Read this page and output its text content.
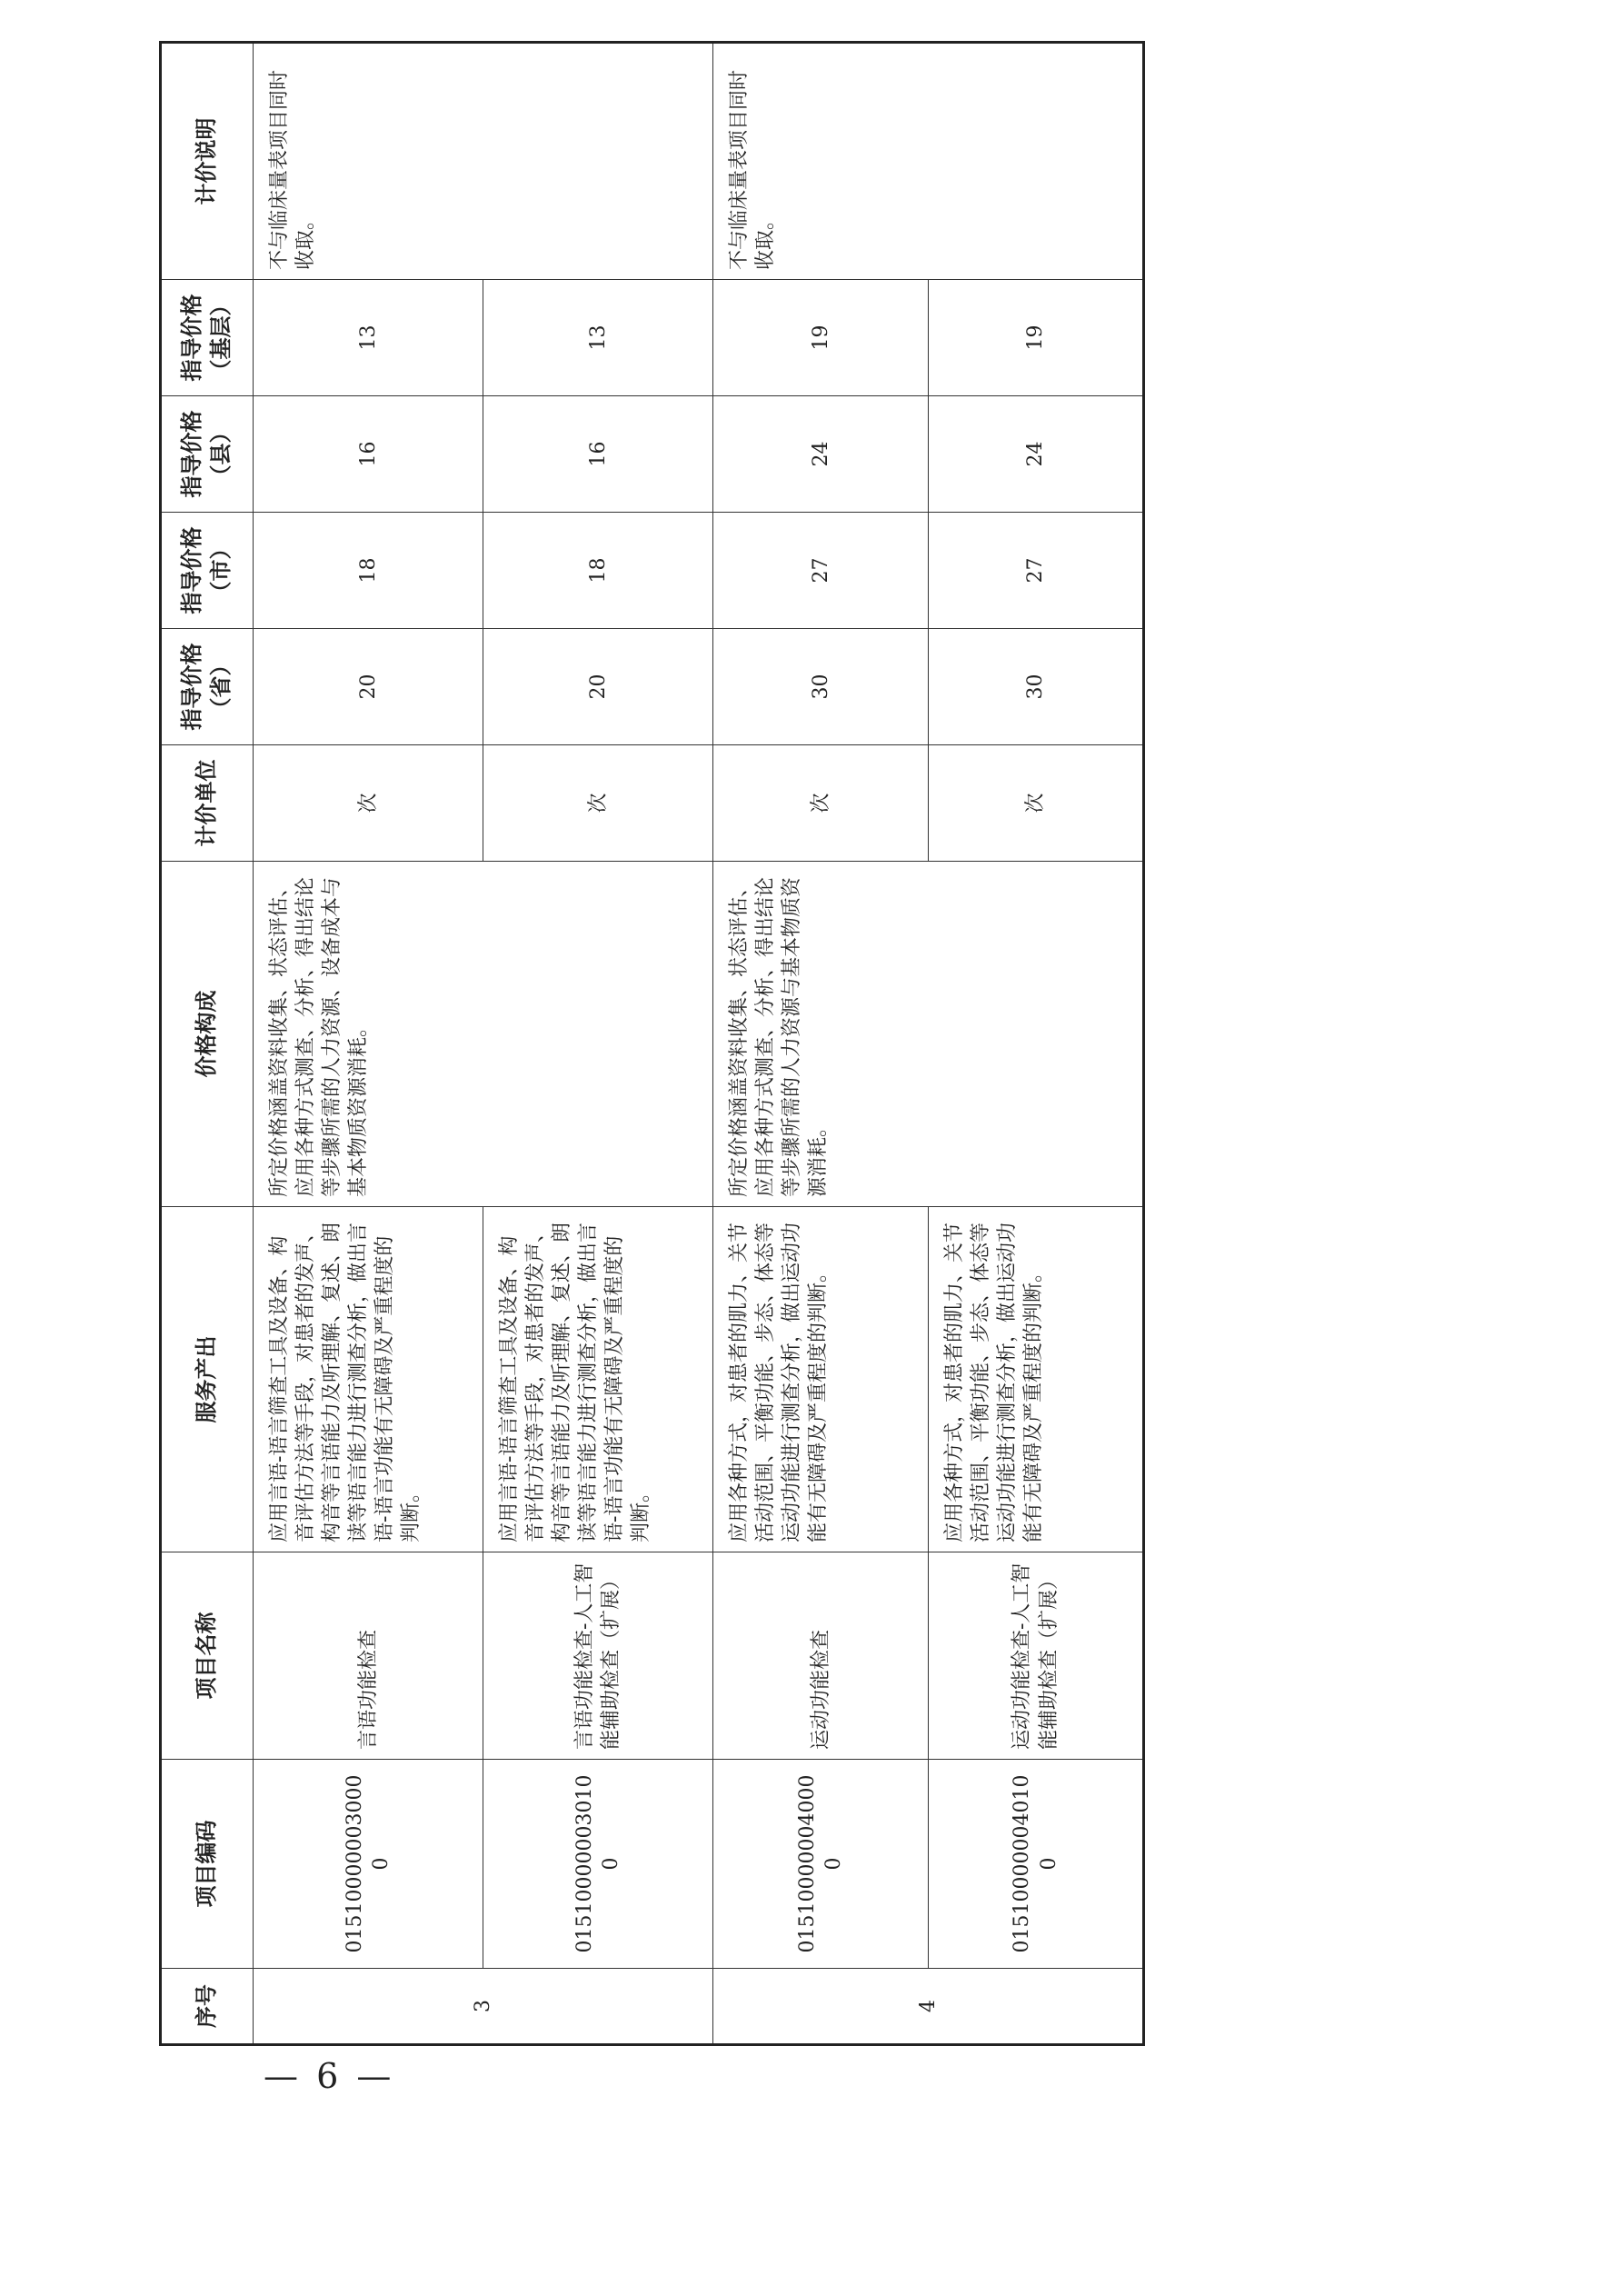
序号	项目编码	项目名称	服务产出	价格构成	计价单位	指导价格（省）	指导价格（市）	指导价格（县）	指导价格（基层）	计价说明
3	015100000030000	言语功能检查	应用言语-语言筛查工具及设备、构音评估方法等手段，对患者的发声、构音等言语能力及听理解、复述、朗读等语言能力进行测查分析，做出言语-语言功能有无障碍及严重程度的判断。	所定价格涵盖资料收集、状态评估、应用各种方式测查、分析、得出结论等步骤所需的人力资源、设备成本与基本物质资源消耗。	次	20	18	16	13	不与临床量表项目同时收取。
	015100000030100	言语功能检查-人工智能辅助检查（扩展）	应用言语-语言筛查工具及设备、构音评估方法等手段，对患者的发声、构音等言语能力及听理解、复述、朗读等语言能力进行测查分析，做出言语-语言功能有无障碍及严重程度的判断。		次	20	18	16	13	
4	015100000040000	运动功能检查	应用各种方式，对患者的肌力、关节活动范围、平衡功能、步态、体态等运动功能进行测查分析，做出运动功能有无障碍及严重程度的判断。	所定价格涵盖资料收集、状态评估、应用各种方式测查、分析、得出结论等步骤所需的人力资源与基本物质资源消耗。	次	30	27	24	19	不与临床量表项目同时收取。
	015100000040100	运动功能检查-人工智能辅助检查（扩展）	应用各种方式，对患者的肌力、关节活动范围、平衡功能、步态、体态等运动功能进行测查分析，做出运动功能有无障碍及严重程度的判断。		次	30	27	24	19	
— 6 —
